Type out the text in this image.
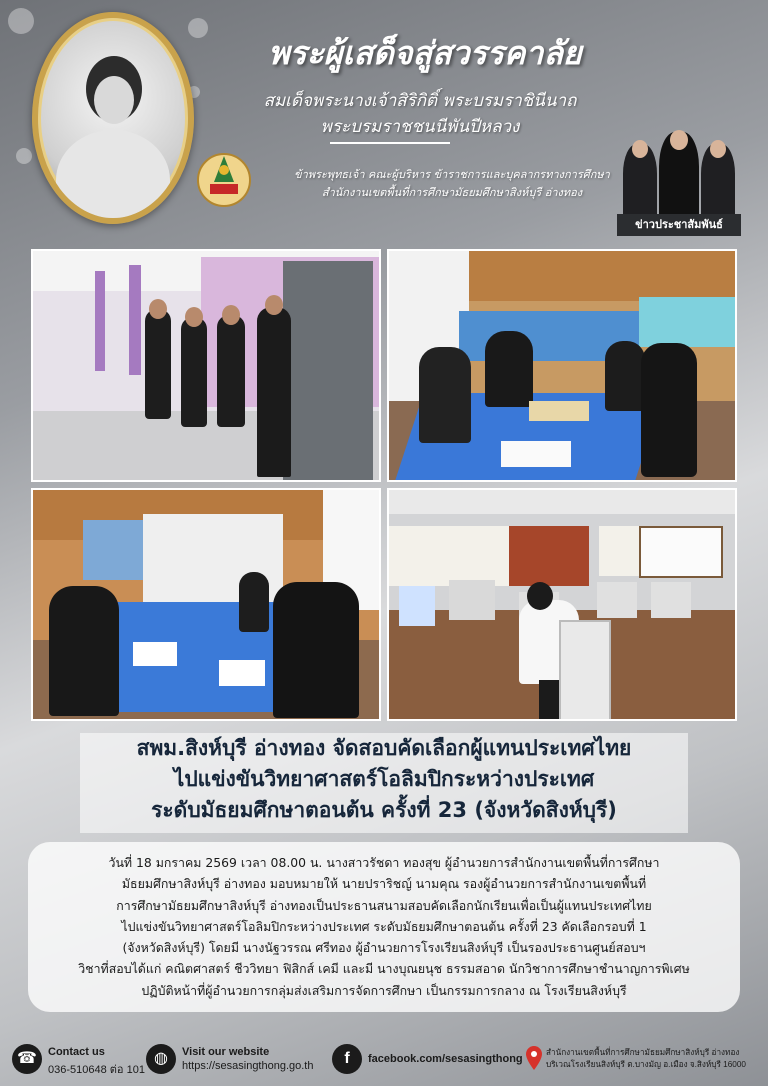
พระผู้เสด็จสู่สวรรคาลัย
สมเด็จพระนางเจ้าสิริกิติ์ พระบรมราชินีนาถ
พระบรมราชชนนีพันปีหลวง
ข้าพระพุทธเจ้า คณะผู้บริหาร ข้าราชการและบุคลากรทางการศึกษา
สำนักงานเขตพื้นที่การศึกษามัธยมศึกษาสิงห์บุรี อ่างทอง
ข่าวประชาสัมพันธ์
สพม.สิงห์บุรี อ่างทอง จัดสอบคัดเลือกผู้แทนประเทศไทย
ไปแข่งขันวิทยาศาสตร์โอลิมปิกระหว่างประเทศ
ระดับมัธยมศึกษาตอนต้น ครั้งที่ 23 (จังหวัดสิงห์บุรี)
วันที่ 18 มกราคม 2569 เวลา 08.00 น. นางสาวรัชดา ทองสุข ผู้อำนวยการสำนักงานเขตพื้นที่การศึกษา
มัธยมศึกษาสิงห์บุรี อ่างทอง มอบหมายให้ นายปราริชญ์ นามคุณ รองผู้อำนวยการสำนักงานเขตพื้นที่
การศึกษามัธยมศึกษาสิงห์บุรี อ่างทองเป็นประธานสนามสอบคัดเลือกนักเรียนเพื่อเป็นผู้แทนประเทศไทย
ไปแข่งขันวิทยาศาสตร์โอลิมปิกระหว่างประเทศ ระดับมัธยมศึกษาตอนต้น ครั้งที่ 23 คัดเลือกรอบที่ 1
(จังหวัดสิงห์บุรี) โดยมี นางนัฐวรรณ ศรีทอง ผู้อำนวยการโรงเรียนสิงห์บุรี เป็นรองประธานศูนย์สอบฯ
วิชาที่สอบได้แก่ คณิตศาสตร์ ชีววิทยา ฟิสิกส์ เคมี และมี นางบุณยนุช ธรรมสอาด นักวิชาการศึกษาชำนาญการพิเศษ
ปฏิบัติหน้าที่ผู้อำนวยการกลุ่มส่งเสริมการจัดการศึกษา เป็นกรรมการกลาง ณ โรงเรียนสิงห์บุรี
☎	Contact us
036-510648 ต่อ 101
◍	Visit our website
https://sesasingthong.go.th	f	facebook.com/sesasingthong
สำนักงานเขตพื้นที่การศึกษามัธยมศึกษาสิงห์บุรี อ่างทอง
บริเวณโรงเรียนสิงห์บุรี ต.บางมัญ อ.เมือง จ.สิงห์บุรี 16000
